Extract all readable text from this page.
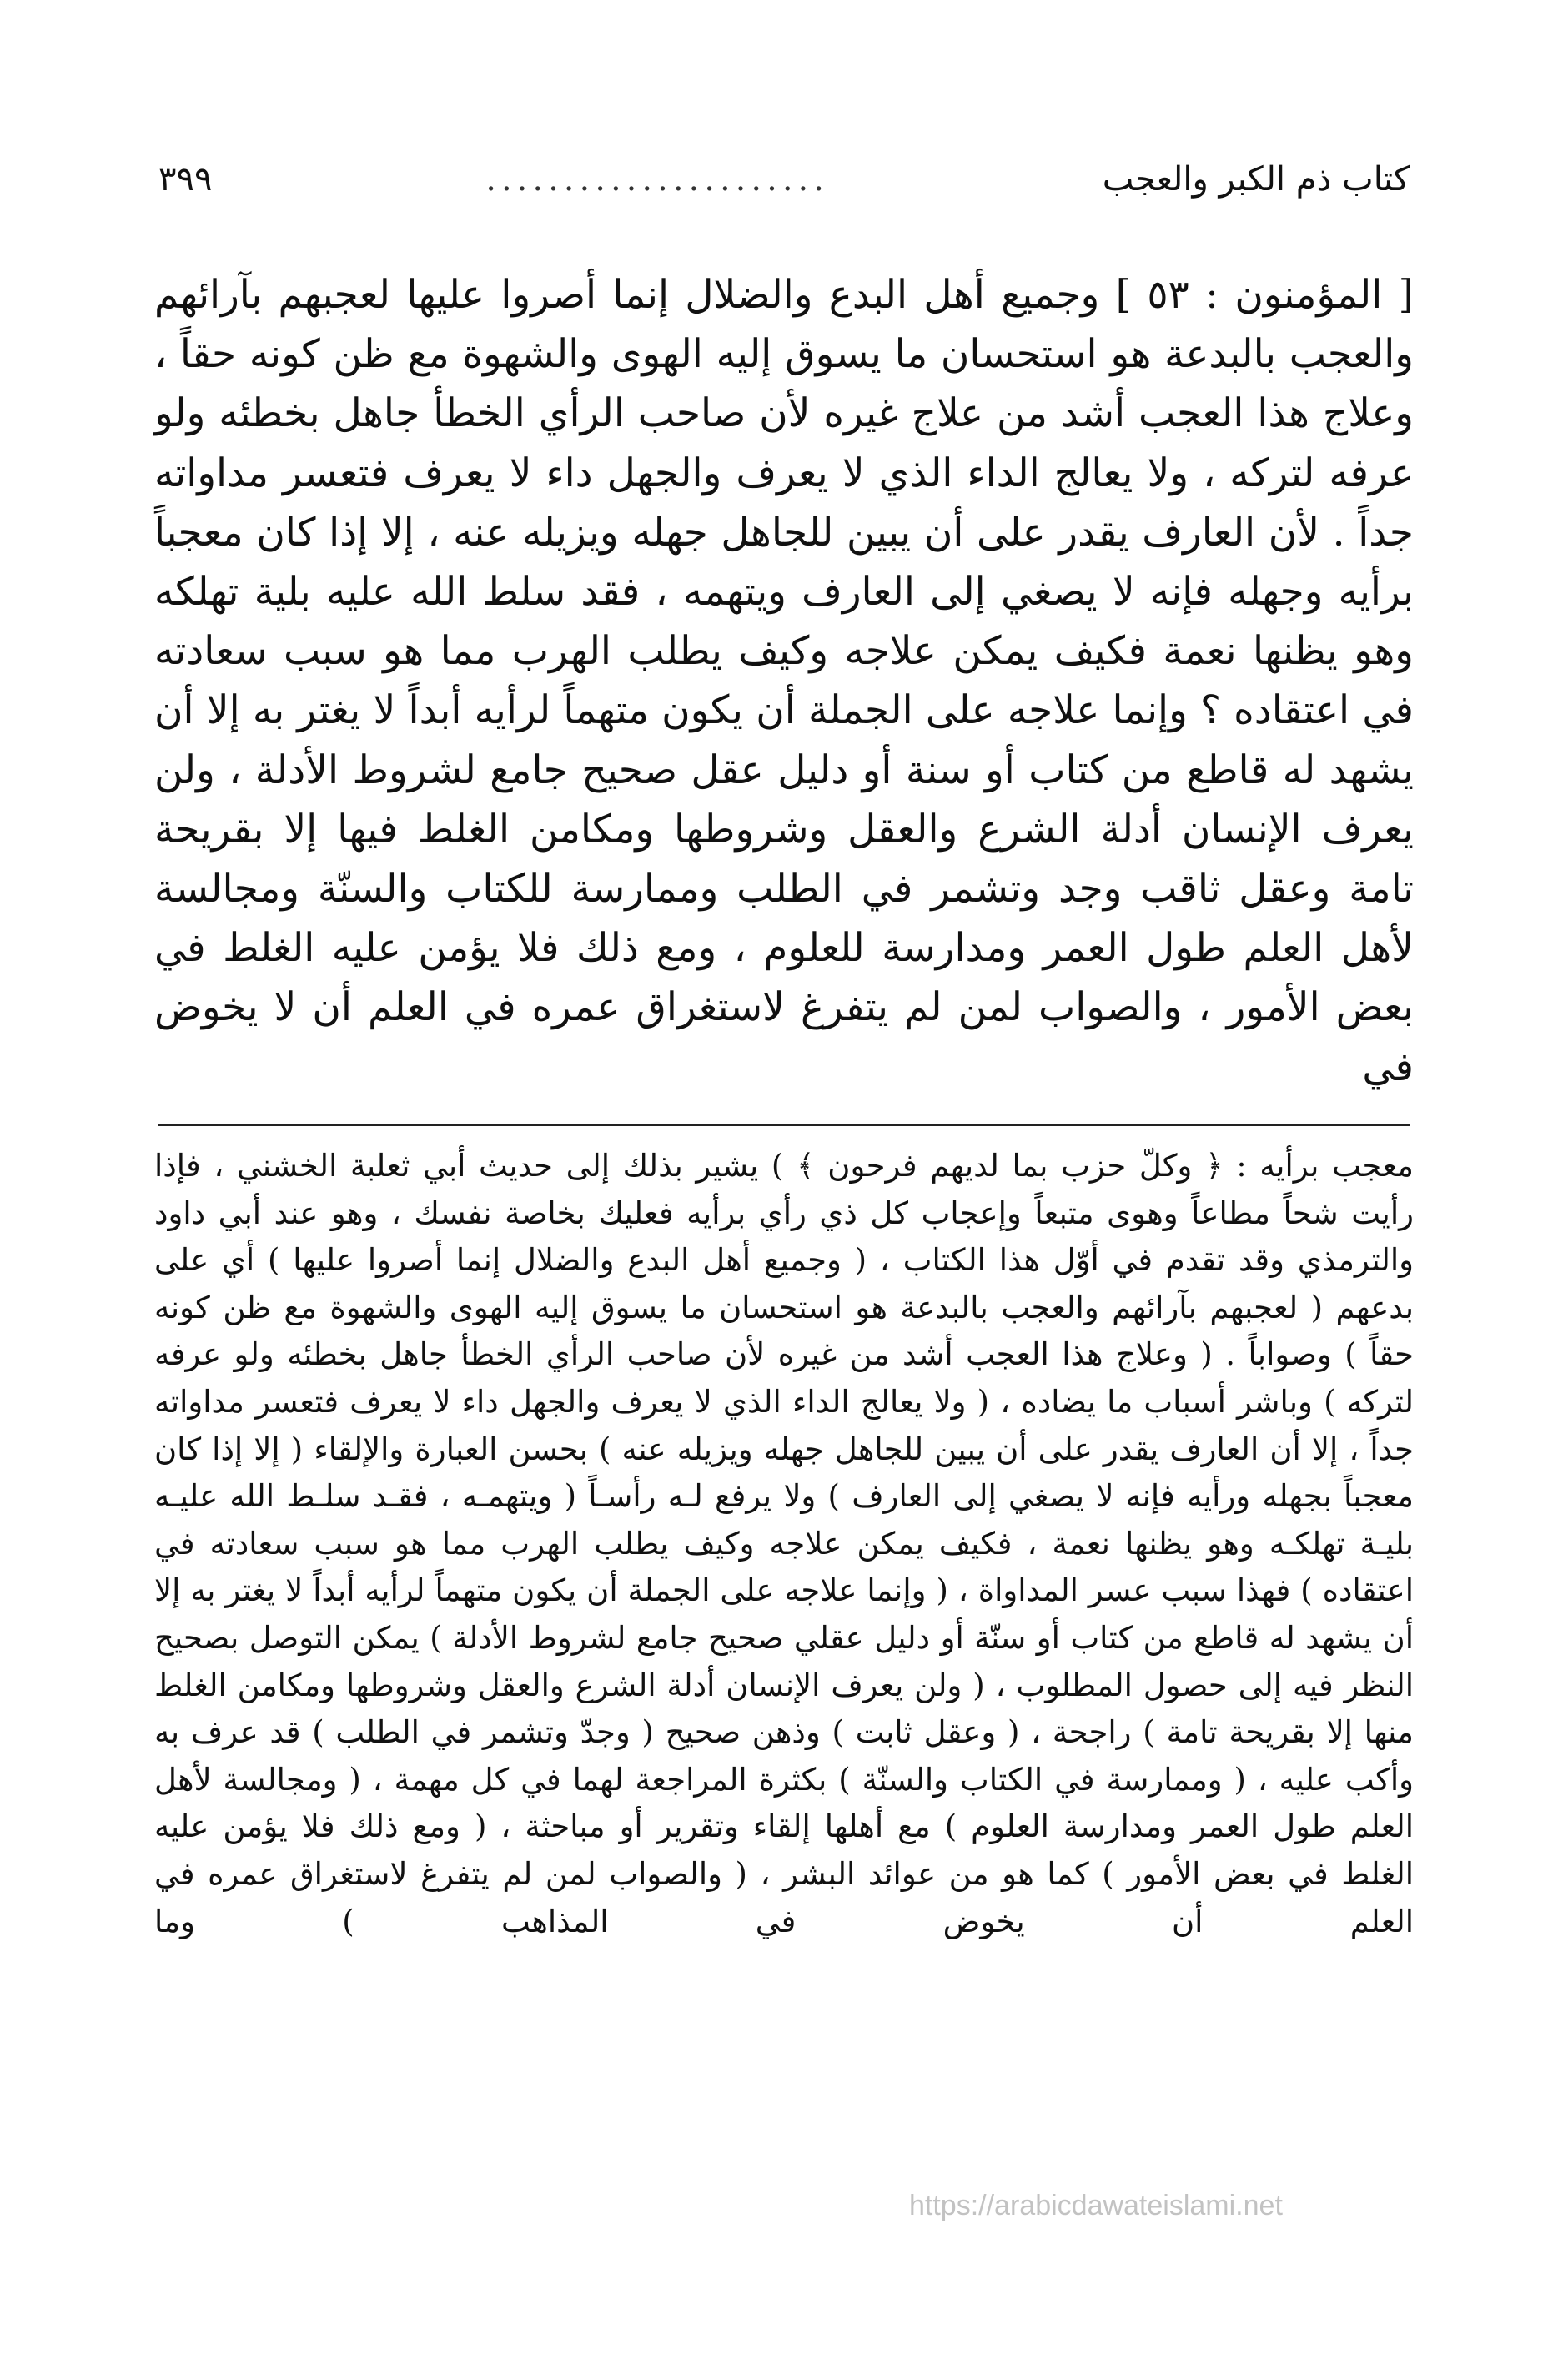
كتاب ذم الكبر والعجب
......................
٣٩٩

[ المؤمنون : ٥٣ ] وجميع أهل البدع والضلال إنما أصروا عليها لعجبهم بآرائهم والعجب بالبدعة هو استحسان ما يسوق إليه الهوى والشهوة مع ظن كونه حقاً ، وعلاج هذا العجب أشد من علاج غيره لأن صاحب الرأي الخطأ جاهل بخطئه ولو عرفه لتركه ، ولا يعالج الداء الذي لا يعرف والجهل داء لا يعرف فتعسر مداواته جداً . لأن العارف يقدر على أن يبين للجاهل جهله ويزيله عنه ، إلا إذا كان معجباً برأيه وجهله فإنه لا يصغي إلى العارف ويتهمه ، فقد سلط الله عليه بلية تهلكه وهو يظنها نعمة فكيف يمكن علاجه وكيف يطلب الهرب مما هو سبب سعادته في اعتقاده ؟ وإنما علاجه على الجملة أن يكون متهماً لرأيه أبداً لا يغتر به إلا أن يشهد له قاطع من كتاب أو سنة أو دليل عقل صحيح جامع لشروط الأدلة ، ولن يعرف الإنسان أدلة الشرع والعقل وشروطها ومكامن الغلط فيها إلا بقريحة تامة وعقل ثاقب وجد وتشمر في الطلب وممارسة للكتاب والسنّة ومجالسة لأهل العلم طول العمر ومدارسة للعلوم ، ومع ذلك فلا يؤمن عليه الغلط في بعض الأمور ، والصواب لمن لم يتفرغ لاستغراق عمره في العلم أن لا يخوض في

معجب برأيه : ﴿ وكلّ حزب بما لديهم فرحون ﴾ ) يشير بذلك إلى حديث أبي ثعلبة الخشني ، فإذا رأيت شحاً مطاعاً وهوى متبعاً وإعجاب كل ذي رأي برأيه فعليك بخاصة نفسك ، وهو عند أبي داود والترمذي وقد تقدم في أوّل هذا الكتاب ، ( وجميع أهل البدع والضلال إنما أصروا عليها ) أي على بدعهم ( لعجبهم بآرائهم والعجب بالبدعة هو استحسان ما يسوق إليه الهوى والشهوة مع ظن كونه حقاً ) وصواباً . ( وعلاج هذا العجب أشد من غيره لأن صاحب الرأي الخطأ جاهل بخطئه ولو عرفه لتركه ) وباشر أسباب ما يضاده ، ( ولا يعالج الداء الذي لا يعرف والجهل داء لا يعرف فتعسر مداواته جداً ، إلا أن العارف يقدر على أن يبين للجاهل جهله ويزيله عنه ) بحسن العبارة والإلقاء ( إلا إذا كان معجباً بجهله ورأيه فإنه لا يصغي إلى العارف ) ولا يرفع لـه رأسـاً ( ويتهمـه ، فقـد سلـط الله عليـه بليـة تهلكـه وهو يظنها نعمة ، فكيف يمكن علاجه وكيف يطلب الهرب مما هو سبب سعادته في اعتقاده ) فهذا سبب عسر المداواة ، ( وإنما علاجه على الجملة أن يكون متهماً لرأيه أبداً لا يغتر به إلا أن يشهد له قاطع من كتاب أو سنّة أو دليل عقلي صحيح جامع لشروط الأدلة ) يمكن التوصل بصحيح النظر فيه إلى حصول المطلوب ، ( ولن يعرف الإنسان أدلة الشرع والعقل وشروطها ومكامن الغلط منها إلا بقريحة تامة ) راجحة ، ( وعقل ثابت ) وذهن صحيح ( وجدّ وتشمر في الطلب ) قد عرف به وأكب عليه ، ( وممارسة في الكتاب والسنّة ) بكثرة المراجعة لهما في كل مهمة ، ( ومجالسة لأهل العلم طول العمر ومدارسة العلوم ) مع أهلها إلقاء وتقرير أو مباحثة ، ( ومع ذلك فلا يؤمن عليه الغلط في بعض الأمور ) كما هو من عوائد البشر ، ( والصواب لمن لم يتفرغ لاستغراق عمره في العلم أن يخوض في المذاهب ) وما

https://arabicdawateislami.net
